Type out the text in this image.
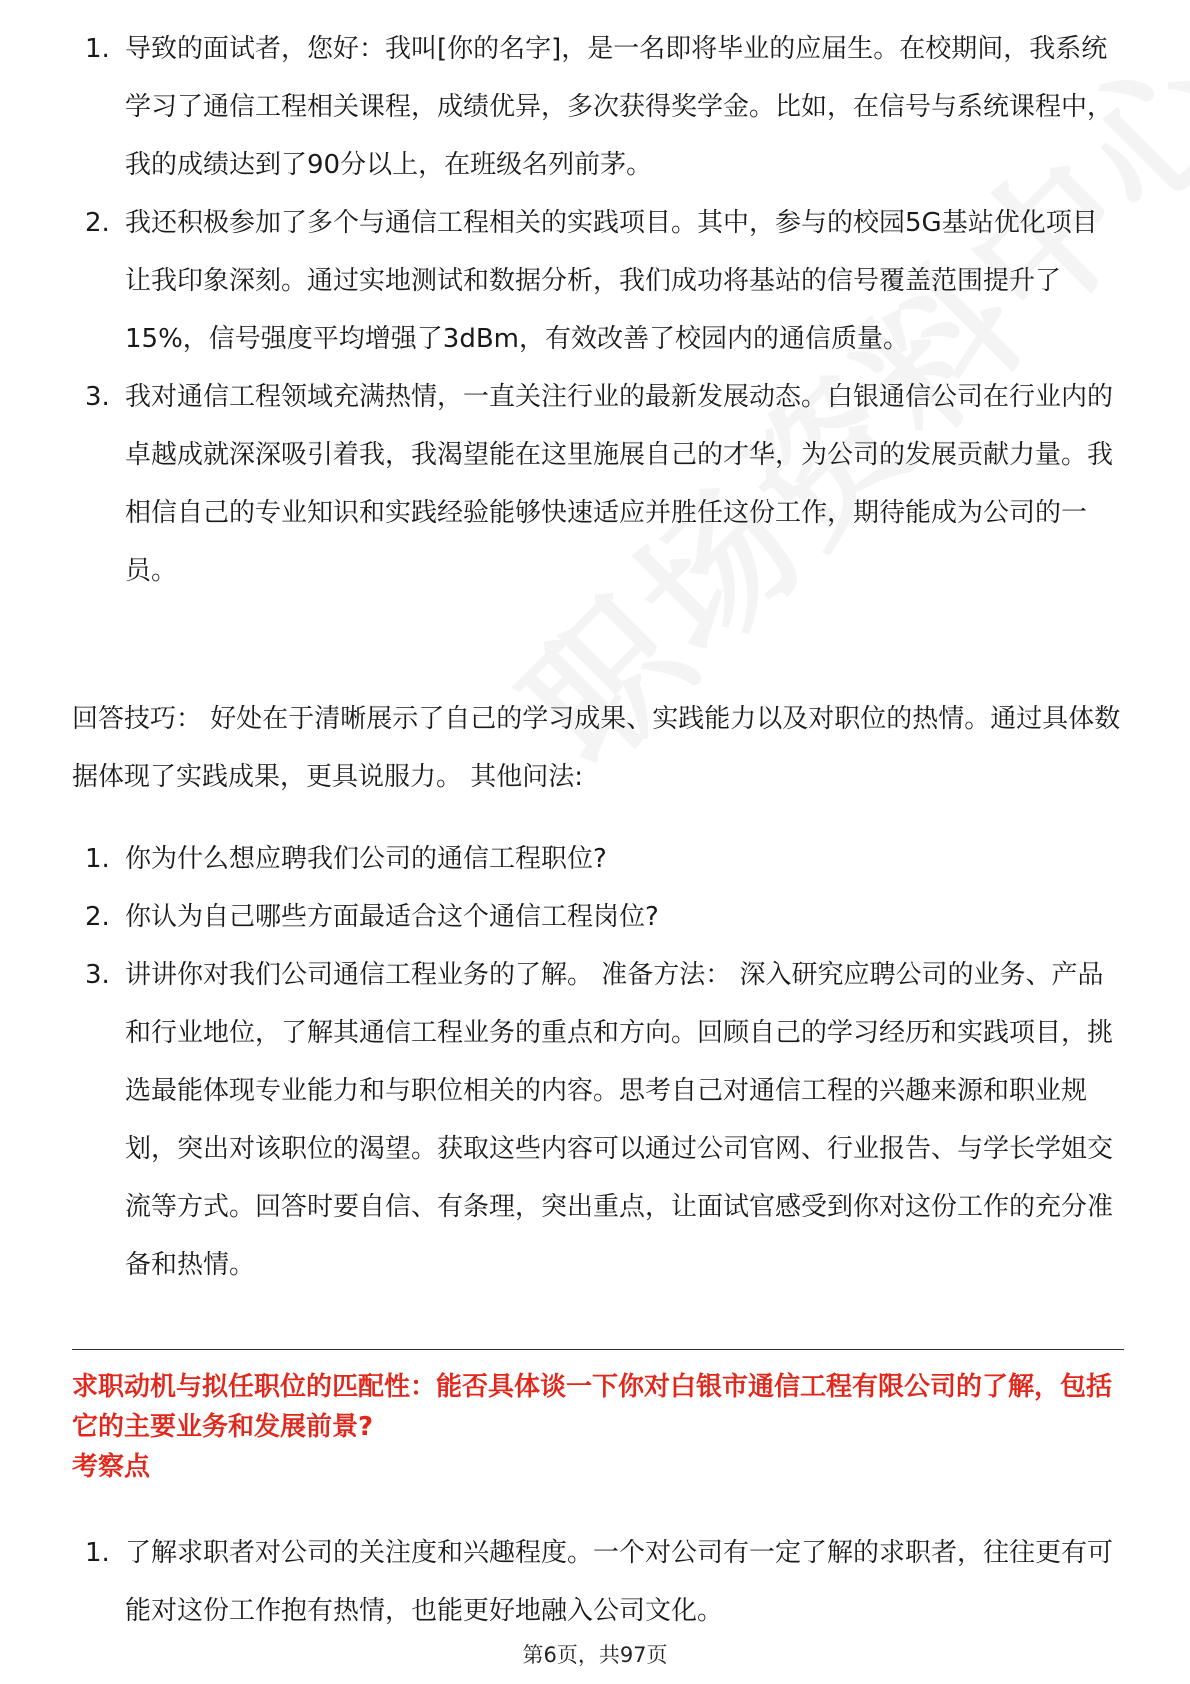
1. 导致的面试者，您好：我叫[你的名字]，是一名即将毕业的应届生。在校期间，我系统学习了通信工程相关课程，成绩优异，多次获得奖学金。比如，在信号与系统课程中，我的成绩达到了90分以上，在班级名列前茅。
2. 我还积极参加了多个与通信工程相关的实践项目。其中，参与的校园5G基站优化项目让我印象深刻。通过实地测试和数据分析，我们成功将基站的信号覆盖范围提升了15%，信号强度平均增强了3dBm，有效改善了校园内的通信质量。
3. 我对通信工程领域充满热情，一直关注行业的最新发展动态。白银通信公司在行业内的卓越成就深深吸引着我，我渴望能在这里施展自己的才华，为公司的发展贡献力量。我相信自己的专业知识和实践经验能够快速适应并胜任这份工作，期待能成为公司的一员。

回答技巧： 好处在于清晰展示了自己的学习成果、实践能力以及对职位的热情。通过具体数据体现了实践成果，更具说服力。 其他问法:

1. 你为什么想应聘我们公司的通信工程职位?
2. 你认为自己哪些方面最适合这个通信工程岗位?
3. 讲讲你对我们公司通信工程业务的了解。 准备方法： 深入研究应聘公司的业务、产品和行业地位，了解其通信工程业务的重点和方向。回顾自己的学习经历和实践项目，挑选最能体现专业能力和与职位相关的内容。思考自己对通信工程的兴趣来源和职业规划，突出对该职位的渴望。获取这些内容可以通过公司官网、行业报告、与学长学姐交流等方式。回答时要自信、有条理，突出重点，让面试官感受到你对这份工作的充分准备和热情。

求职动机与拟任职位的匹配性：能否具体谈一下你对白银市通信工程有限公司的了解，包括它的主要业务和发展前景?

考察点

1. 了解求职者对公司的关注度和兴趣程度。一个对公司有一定了解的求职者，往往更有可能对这份工作抱有热情，也能更好地融入公司文化。
第6页，共97页
